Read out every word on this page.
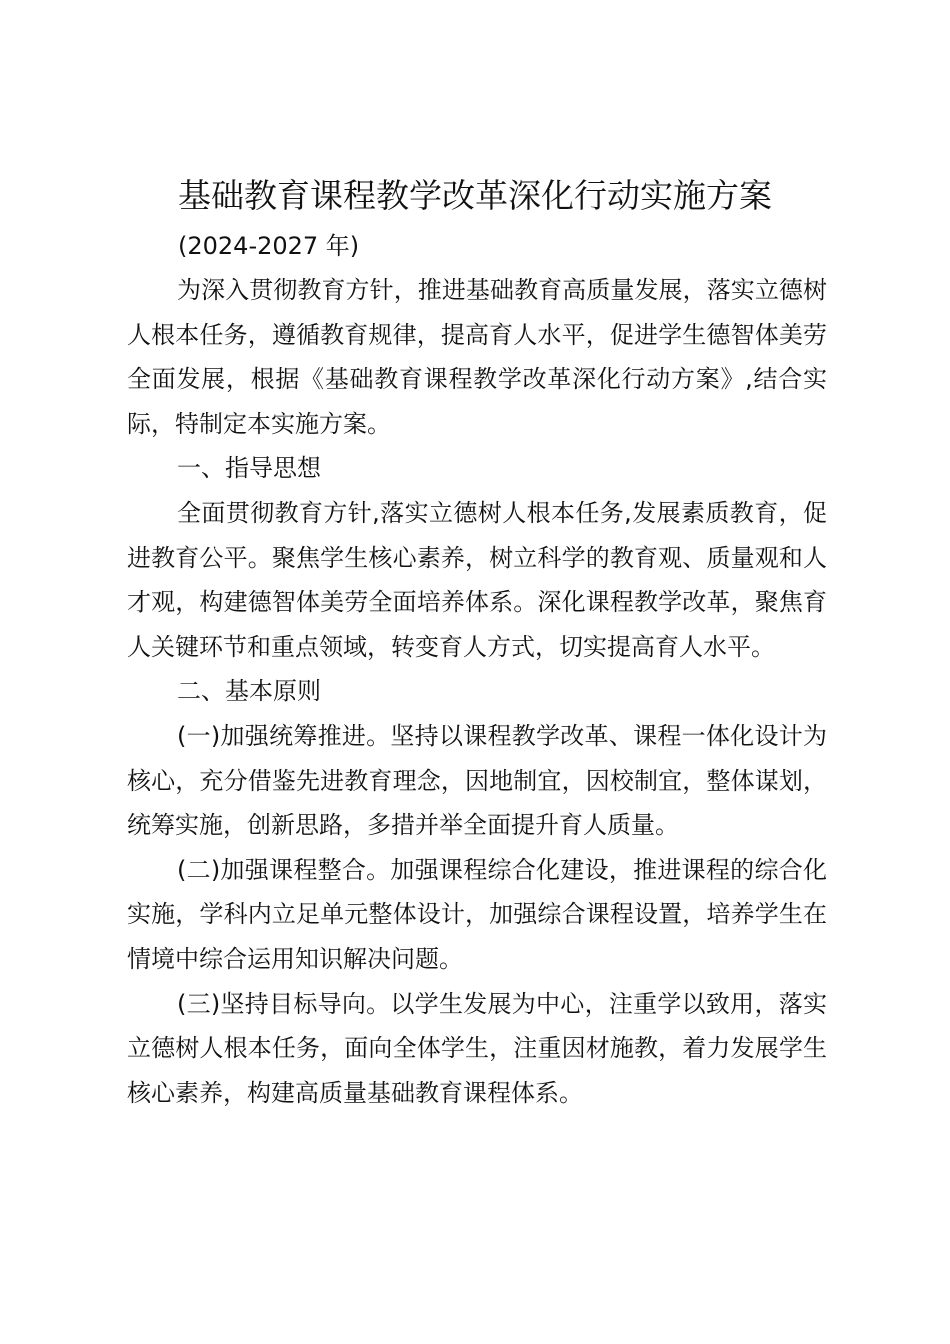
基础教育课程教学改革深化行动实施方案

(2024-2027 年)

为深入贯彻教育方针，推进基础教育高质量发展，落实立德树人根本任务，遵循教育规律，提高育人水平，促进学生德智体美劳全面发展，根据《基础教育课程教学改革深化行动方案》,结合实际，特制定本实施方案。

一、指导思想

全面贯彻教育方针,落实立德树人根本任务,发展素质教育，促进教育公平。聚焦学生核心素养，树立科学的教育观、质量观和人才观，构建德智体美劳全面培养体系。深化课程教学改革，聚焦育人关键环节和重点领域，转变育人方式，切实提高育人水平。

二、基本原则

(一)加强统筹推进。坚持以课程教学改革、课程一体化设计为核心，充分借鉴先进教育理念，因地制宜，因校制宜，整体谋划，统筹实施，创新思路，多措并举全面提升育人质量。

(二)加强课程整合。加强课程综合化建设，推进课程的综合化实施，学科内立足单元整体设计，加强综合课程设置，培养学生在情境中综合运用知识解决问题。

(三)坚持目标导向。以学生发展为中心，注重学以致用，落实立德树人根本任务，面向全体学生，注重因材施教，着力发展学生核心素养，构建高质量基础教育课程体系。
